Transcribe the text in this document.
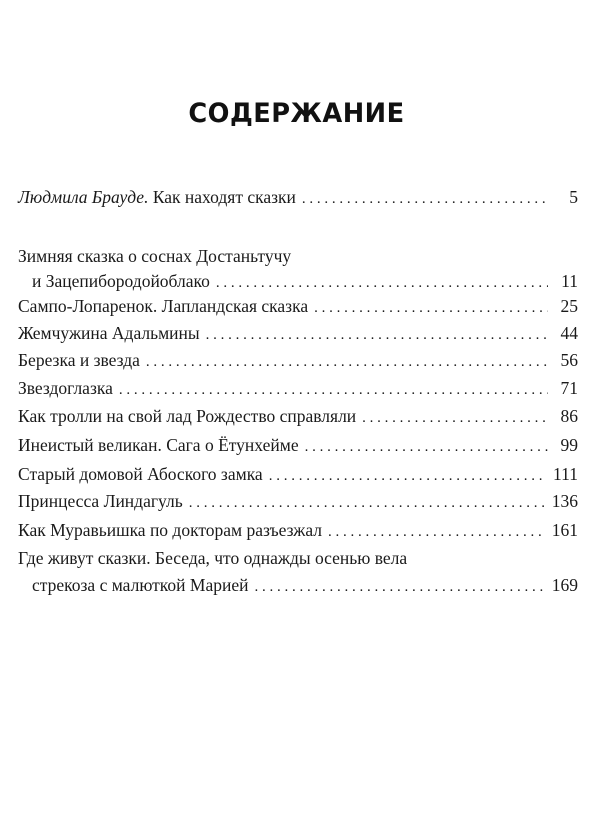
СОДЕРЖАНИЕ
Людмила Брауде. Как находят сказки . . .	5
Зимняя сказка о соснах Достаньтучу
и Зацепибородойоблако . . .	11
Сампо-Лопаренок. Лапландская сказка . . .	25
Жемчужина Адальмины . . .	44
Березка и звезда . . .	56
Звездоглазка . . .	71
Как тролли на свой лад Рождество справляли . . .	86
Инеистый великан. Сага о Ётунхейме . . .	99
Старый домовой Абоского замка . . .	111
Принцесса Линдагуль . . .	136
Как Муравьишка по докторам разъезжал . . .	161
Где живут сказки. Беседа, что однажды осенью вела
стрекоза с малюткой Марией . . .	169
